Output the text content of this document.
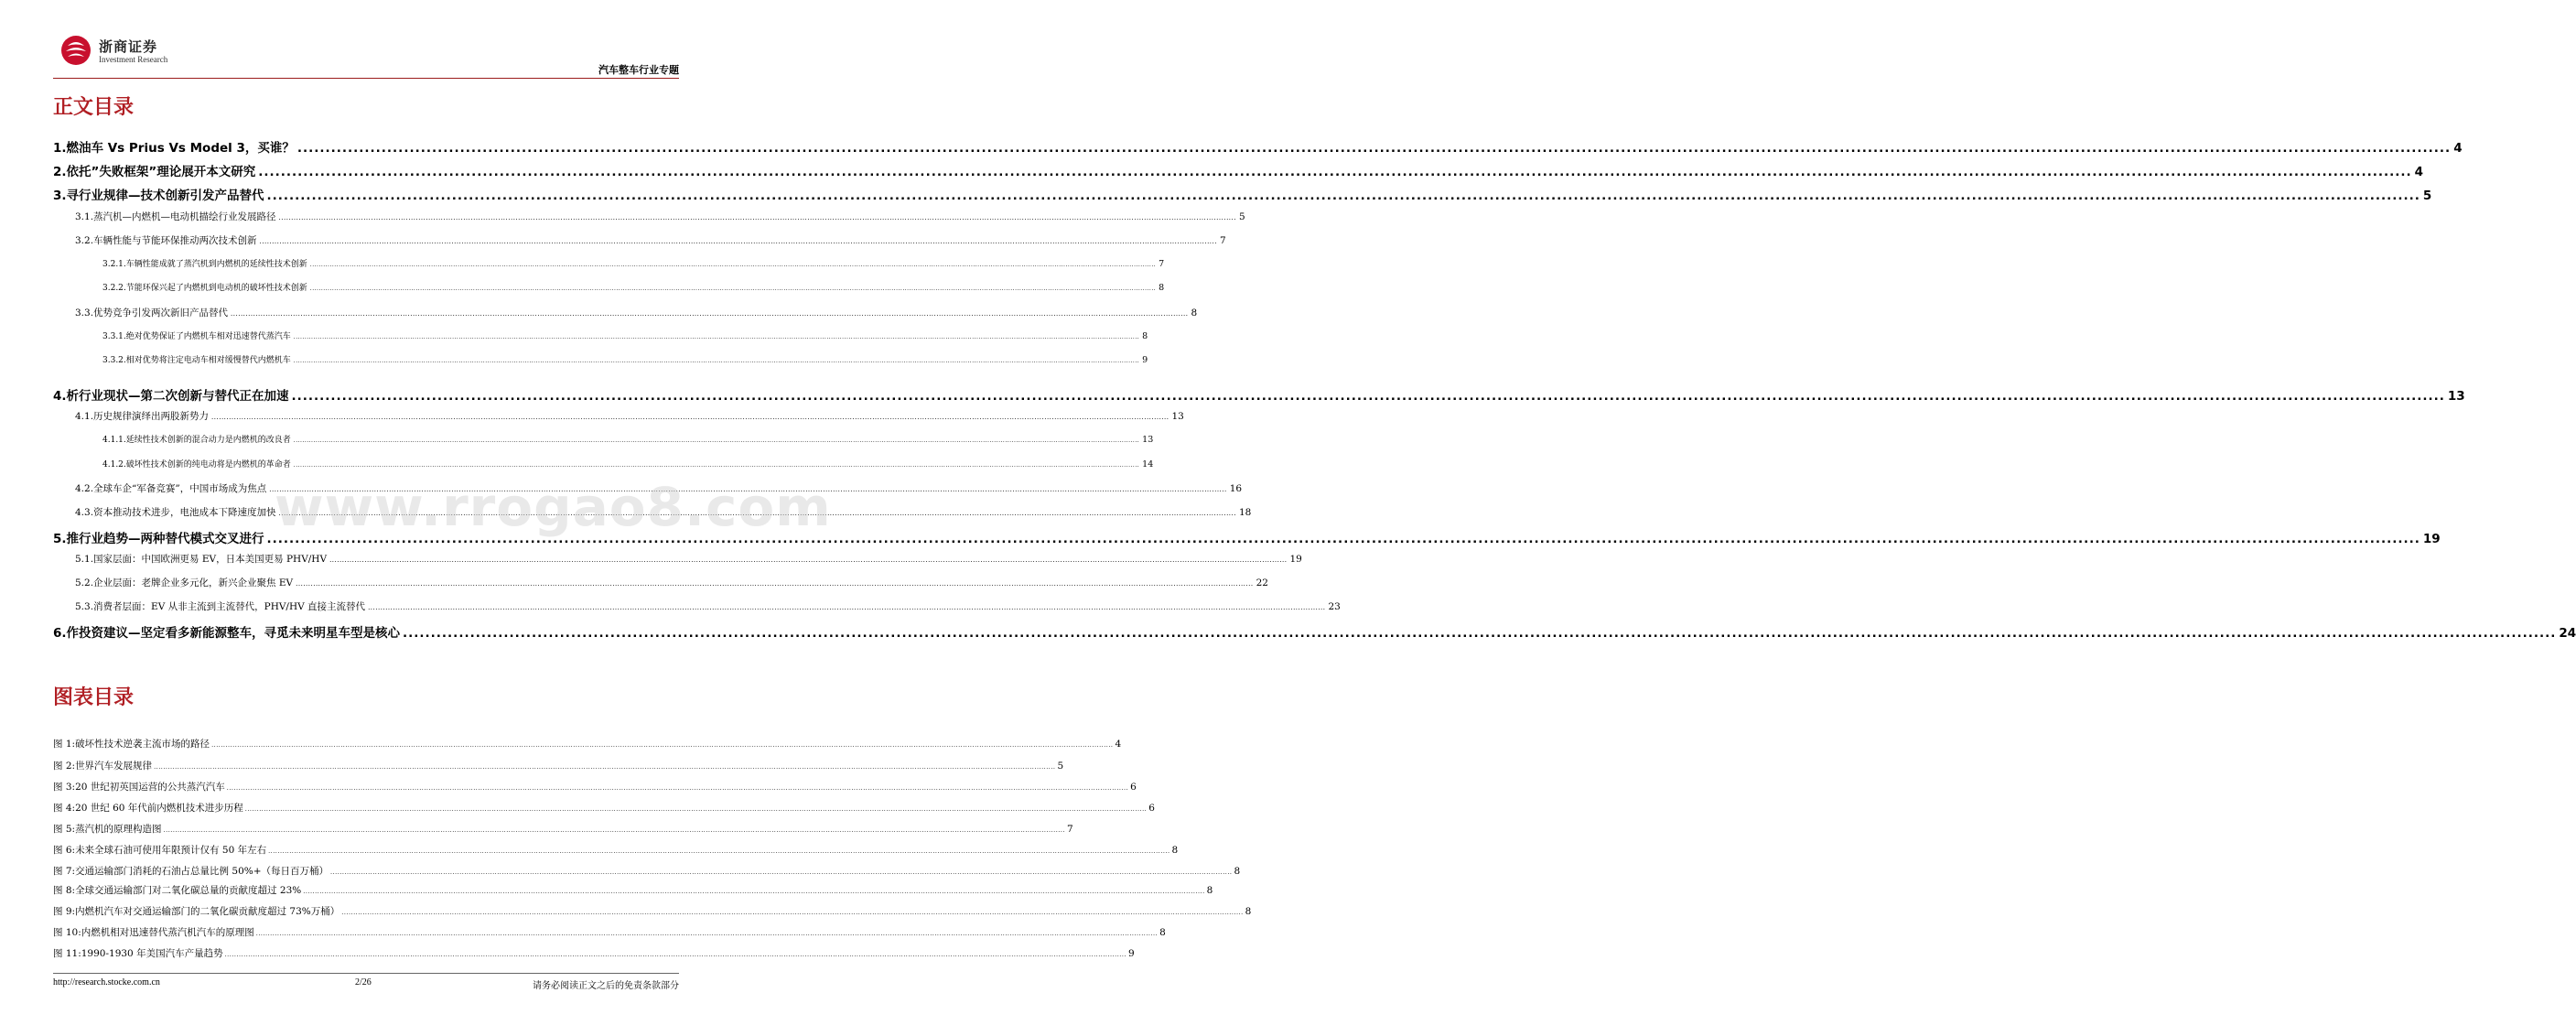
浙商证券
Investment Research
汽车整车行业专题
正文目录
1. 燃油车 Vs Prius Vs Model 3，买谁？ .....	4
2. 依托”失败框架”理论展开本文研究 .....	4
3. 寻行业规律—技术创新引发产品替代 .....	5
3.1. 蒸汽机—内燃机—电动机描绘行业发展路径 .....	5
3.2. 车辆性能与节能环保推动两次技术创新 .....	7
3.2.1. 车辆性能成就了蒸汽机到内燃机的延续性技术创新 .....	7
3.2.2. 节能环保兴起了内燃机到电动机的破坏性技术创新 .....	8
3.3. 优势竞争引发两次新旧产品替代 .....	8
3.3.1. 绝对优势保证了内燃机车相对迅速替代蒸汽车 .....	8
3.3.2. 相对优势将注定电动车相对缓慢替代内燃机车 .....	9
4. 析行业现状—第二次创新与替代正在加速 .....	13
4.1. 历史规律演绎出两股新势力 .....	13
4.1.1. 延续性技术创新的混合动力是内燃机的改良者 .....	13
4.1.2. 破坏性技术创新的纯电动将是内燃机的革命者 .....	14
4.2. 全球车企“军备竞赛”，中国市场成为焦点 .....	16
4.3. 资本推动技术进步，电池成本下降速度加快 .....	18
5. 推行业趋势—两种替代模式交叉进行 .....	19
5.1. 国家层面：中国欧洲更易 EV，日本美国更易 PHV/HV .....	19
5.2. 企业层面：老牌企业多元化，新兴企业聚焦 EV .....	22
5.3. 消费者层面：EV 从非主流到主流替代，PHV/HV 直接主流替代 .....	23
6. 作投资建议—坚定看多新能源整车，寻觅未来明星车型是核心 .....	24
图表目录
图 1: 破坏性技术逆袭主流市场的路径 .....	4
图 2: 世界汽车发展规律 .....	5
图 3: 20 世纪初英国运营的公共蒸汽汽车 .....	6
图 4: 20 世纪 60 年代前内燃机技术进步历程 .....	6
图 5: 蒸汽机的原理构造图 .....	7
图 6: 未来全球石油可使用年限预计仅有 50 年左右 .....	8
图 7: 交通运输部门消耗的石油占总量比例 50%+（每日百万桶） .....	8
图 8: 全球交通运输部门对二氧化碳总量的贡献度超过 23% .....	8
图 9: 内燃机汽车对交通运输部门的二氧化碳贡献度超过 73%万桶） .....	8
图 10: 内燃机相对迅速替代蒸汽机汽车的原理图 .....	8
图 11: 1990-1930 年美国汽车产量趋势 .....	9
www.rrogao8.com
http://research.stocke.com.cn	2/26	请务必阅读正文之后的免责条款部分
